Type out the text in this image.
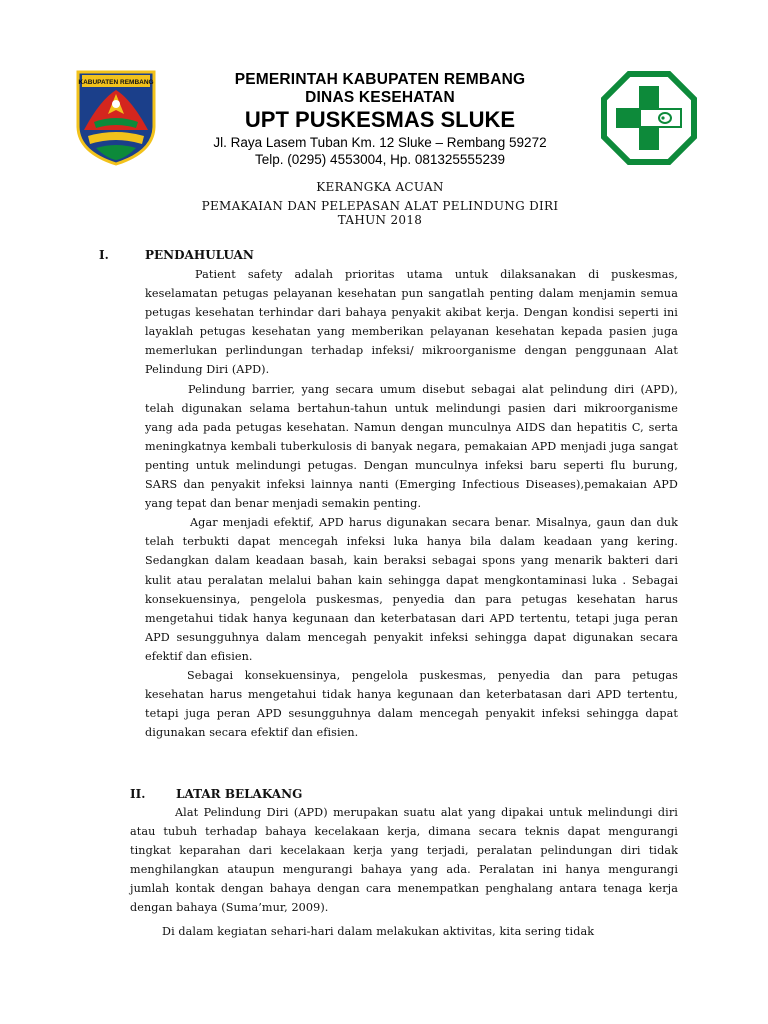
KABUPATEN REMBANG	PEMERINTAH KABUPATEN REMBANG
DINAS KESEHATAN
UPT PUSKESMAS SLUKE
Jl. Raya Lasem Tuban Km. 12 Sluke – Rembang 59272
Telp. (0295) 4553004, Hp. 081325555239
KERANGKA ACUAN
PEMAKAIAN DAN PELEPASAN ALAT PELINDUNG DIRI
TAHUN 2018
I.	PENDAHULUAN

Patient safety adalah prioritas utama untuk dilaksanakan di puskesmas, keselamatan petugas pelayanan kesehatan pun sangatlah penting dalam menjamin semua petugas kesehatan terhindar dari bahaya penyakit akibat kerja. Dengan kondisi seperti ini layaklah petugas kesehatan yang memberikan pelayanan kesehatan kepada pasien juga memerlukan perlindungan terhadap infeksi/ mikroorganisme dengan penggunaan Alat Pelindung Diri (APD).

Pelindung barrier, yang secara umum disebut sebagai alat pelindung diri (APD), telah digunakan selama bertahun-tahun untuk melindungi pasien dari mikroorganisme yang ada pada petugas kesehatan. Namun dengan munculnya AIDS dan hepatitis C, serta meningkatnya kembali tuberkulosis di banyak negara, pemakaian APD menjadi juga sangat penting untuk melindungi petugas. Dengan munculnya infeksi baru seperti flu burung, SARS dan penyakit infeksi lainnya nanti (Emerging Infectious Diseases),pemakaian APD yang tepat dan benar menjadi semakin penting.

Agar menjadi efektif, APD harus digunakan secara benar. Misalnya, gaun dan duk telah terbukti dapat mencegah infeksi luka hanya bila dalam keadaan yang kering. Sedangkan dalam keadaan basah, kain beraksi sebagai spons yang menarik bakteri dari kulit atau peralatan melalui bahan kain sehingga dapat mengkontaminasi luka . Sebagai konsekuensinya, pengelola puskesmas, penyedia dan para petugas kesehatan harus mengetahui tidak hanya kegunaan dan keterbatasan dari APD tertentu, tetapi juga peran APD sesungguhnya dalam mencegah penyakit infeksi sehingga dapat digunakan secara efektif dan efisien.

Sebagai konsekuensinya, pengelola puskesmas, penyedia dan para petugas kesehatan harus mengetahui tidak hanya kegunaan dan keterbatasan dari APD tertentu, tetapi juga peran APD sesungguhnya dalam mencegah penyakit infeksi sehingga dapat digunakan secara efektif dan efisien.

II.	LATAR BELAKANG

Alat Pelindung Diri (APD) merupakan suatu alat yang dipakai untuk melindungi diri atau tubuh terhadap bahaya kecelakaan kerja, dimana secara teknis dapat mengurangi tingkat keparahan dari kecelakaan kerja yang terjadi, peralatan pelindungan diri tidak menghilangkan ataupun mengurangi bahaya yang ada. Peralatan ini hanya mengurangi jumlah kontak dengan bahaya dengan cara menempatkan penghalang antara tenaga kerja dengan bahaya (Suma’mur, 2009).

Di dalam kegiatan sehari-hari dalam melakukan aktivitas, kita sering tidak
